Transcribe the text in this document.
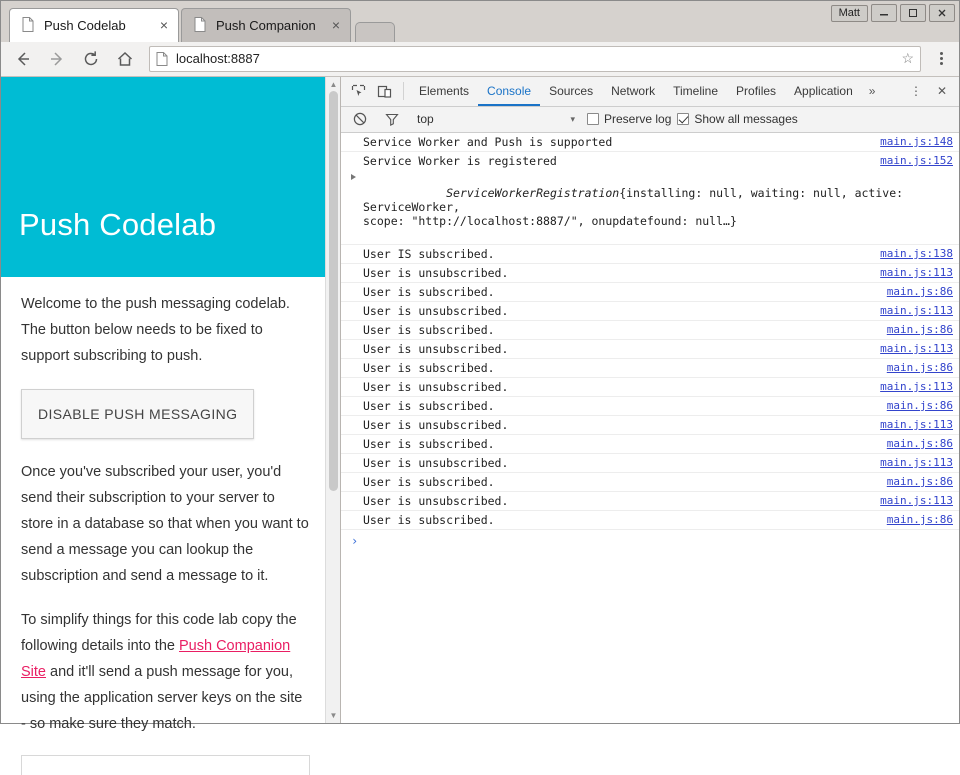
Push Codelab	×	Push Companion	×
Matt
localhost:8887	☆
Push Codelab

Welcome to the push messaging codelab. The button below needs to be fixed to support subscribing to push.

DISABLE PUSH MESSAGING

Once you've subscribed your user, you'd send their subscription to your server to store in a database so that when you want to send a message you can lookup the subscription and send a message to it.

To simplify things for this code lab copy the following details into the Push Companion Site and it'll send a push message for you, using the application server keys on the site - so make sure they match.

▲
▼
Elements	Console	Sources	Network	Timeline	Profiles	Application	»	⋮	✕
top	▾	Preserve log Show all messages
Service Worker and Push is supported	main.js:148
Service Worker is registered	main.js:152

ServiceWorkerRegistration{installing: null, waiting: null, active: ServiceWorker,
scope: "http://localhost:8887/", onupdatefound: null…}

User IS subscribed.	main.js:138
User is unsubscribed.	main.js:113
User is subscribed.	main.js:86
User is unsubscribed.	main.js:113
User is subscribed.	main.js:86
User is unsubscribed.	main.js:113
User is subscribed.	main.js:86
User is unsubscribed.	main.js:113
User is subscribed.	main.js:86
User is unsubscribed.	main.js:113
User is subscribed.	main.js:86
User is unsubscribed.	main.js:113
User is subscribed.	main.js:86
User is unsubscribed.	main.js:113
User is subscribed.	main.js:86
›
